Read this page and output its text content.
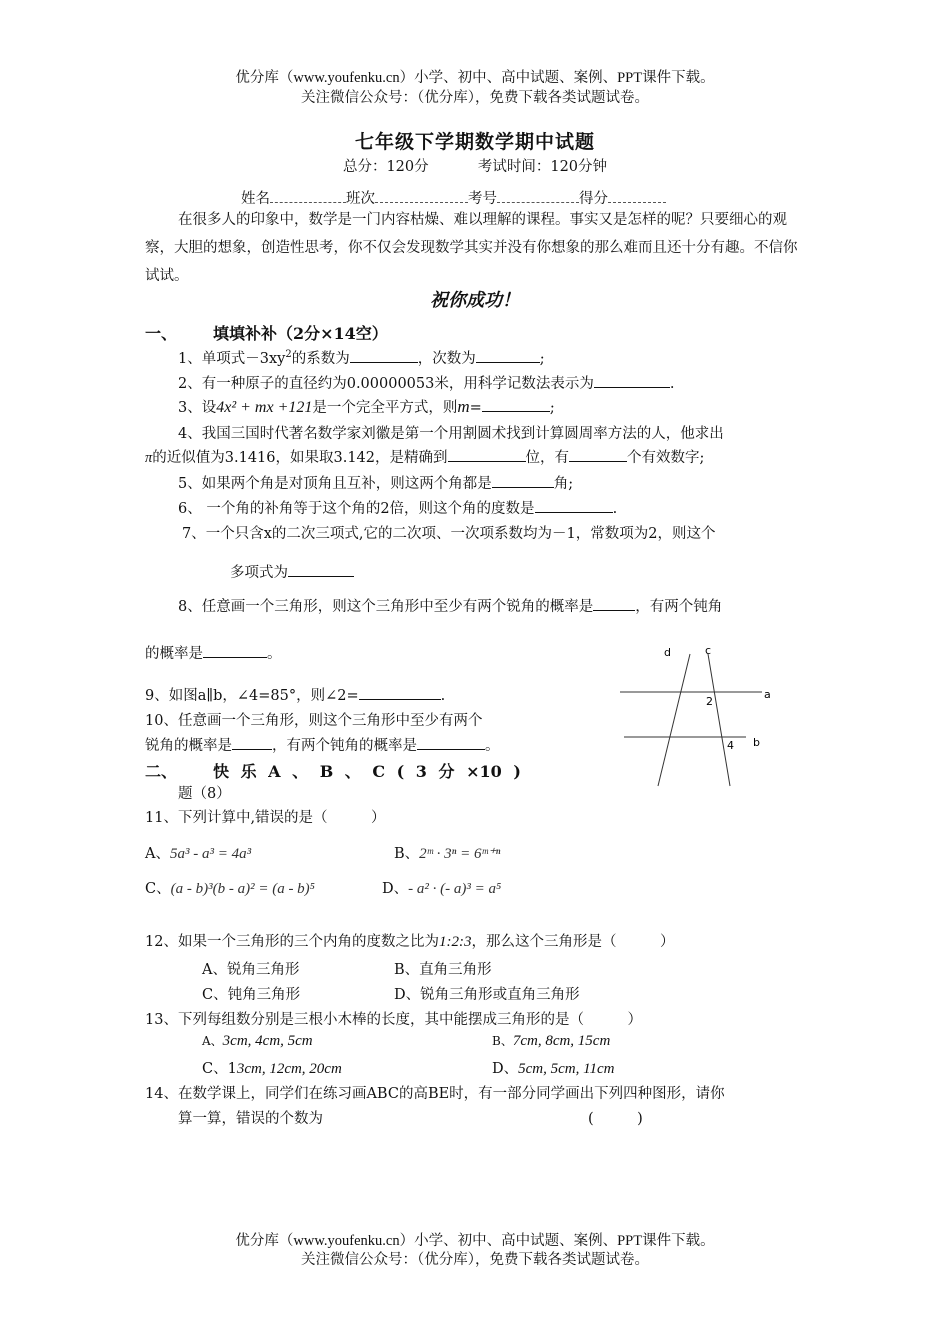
优分库（www.youfenku.cn）小学、初中、高中试题、案例、PPT课件下载。
关注微信公众号：（优分库），免费下载各类试题试卷。
七年级下学期数学期中试题
总分：120分	考试时间：120分钟
姓名	班次	考号	得分
在很多人的印象中，数学是一门内容枯燥、难以理解的课程。事实又是怎样的呢？只要细心的观察，大胆的想象，创造性思考，你不仅会发现数学其实并没有你想象的那么难而且还十分有趣。不信你试试。
祝你成功！
一、 填填补补（2分×14空）
1、单项式$-3xy^2$的系数为	，次数为	;
2、有一种原子的直径约为0.00000053米，用科学记数法表示为	.
3、设4x² + mx +121是一个完全平方式，则m=	;
4、我国三国时代著名数学家刘徽是第一个用割圆术找到计算圆周率方法的人，他求出
π的近似值为3.1416，如果取3.142，是精确到	位，有	个有效数字;
5、如果两个角是对顶角且互补，则这两个角都是	角;
6、 一个角的补角等于这个角的2倍，则这个角的度数是	.
7、一个只含x的二次三项式,它的二次项、一次项系数均为－1，常数项为2，则这个
多项式为
8、任意画一个三角形，则这个三角形中至少有两个锐角的概率是	，有两个钝角
的概率是	。
9、如图a∥b，∠4=85°，则∠2=	.
10、任意画一个三角形，则这个三角形中至少有两个
锐角的概率是	，有两个钝角的概率是	。
d	c
a
b
2
4
二、 快 乐 A 、 B 、 C ( 3 分 ×10 )
题（8）
11、下列计算中,错误的是（　　　）
A、5a³ - a³ = 4a³	B、2ᵐ · 3ⁿ = 6ᵐ⁺ⁿ
C、(a - b)³(b - a)² = (a - b)⁵	D、- a² · (- a)³ = a⁵
12、如果一个三角形的三个内角的度数之比为1:2:3，那么这个三角形是（　　　）
A、锐角三角形	B、直角三角形
C、钝角三角形	D、锐角三角形或直角三角形
13、下列每组数分别是三根小木棒的长度，其中能摆成三角形的是（　　　）
A、3cm, 4cm, 5cm	B、7cm, 8cm, 15cm
C、13cm, 12cm, 20cm	D、5cm, 5cm, 11cm
14、在数学课上，同学们在练习画ABC的高BE时，有一部分同学画出下列四种图形，请你
算一算，错误的个数为	(　　　)
优分库（www.youfenku.cn）小学、初中、高中试题、案例、PPT课件下载。
关注微信公众号：（优分库），免费下载各类试题试卷。
